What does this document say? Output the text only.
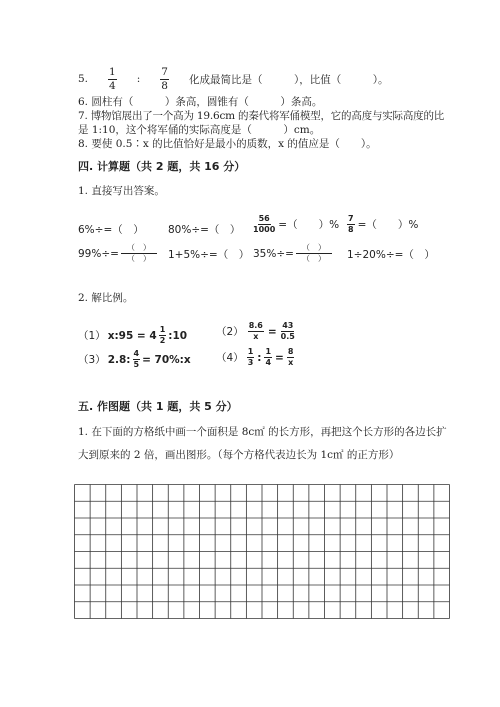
5. $\frac{1}{4}$ : $\frac{7}{8}$ 化成最简比是（　　　），比值（　　　）。
6. 圆柱有（　　　）条高，圆锥有（　　　）条高。
7. 博物馆展出了一个高为 19.6cm 的秦代将军俑模型，它的高度与实际高度的比
是 1:10，这个将军俑的实际高度是（　　　）cm。
8. 要使 0.5∶x 的比值恰好是最小的质数，x 的值应是（　　）。
四. 计算题（共 2 题，共 16 分）
1. 直接写出答案。
6%÷=（　） 80%÷=（　） $\frac{56}{1000}$ =（　　）% $\frac{7}{8}$ =（　　）%
$99\%\div= \frac{( )}{( )} 1+5\%\div=$（　） $35\%\div= \frac{( )}{( )} 1\div 20\%\div=$（　）
2. 解比例。
（1） x:95 = $4 \frac{1}{2}$ :10	$(2) \frac{8.6}{x} = \frac{43}{0.5}$
（3） 2.8: $\frac{4}{5}$ = 70%:x $(4) \frac{1}{3}$ : $\frac{1}{4} = \frac{8}{x}$
五. 作图题（共 1 题，共 5 分）
1. 在下面的方格纸中画一个面积是 8c㎡ 的长方形，再把这个长方形的各边长扩
大到原来的 2 倍，画出图形。（每个方格代表边长为 1c㎡ 的正方形）
